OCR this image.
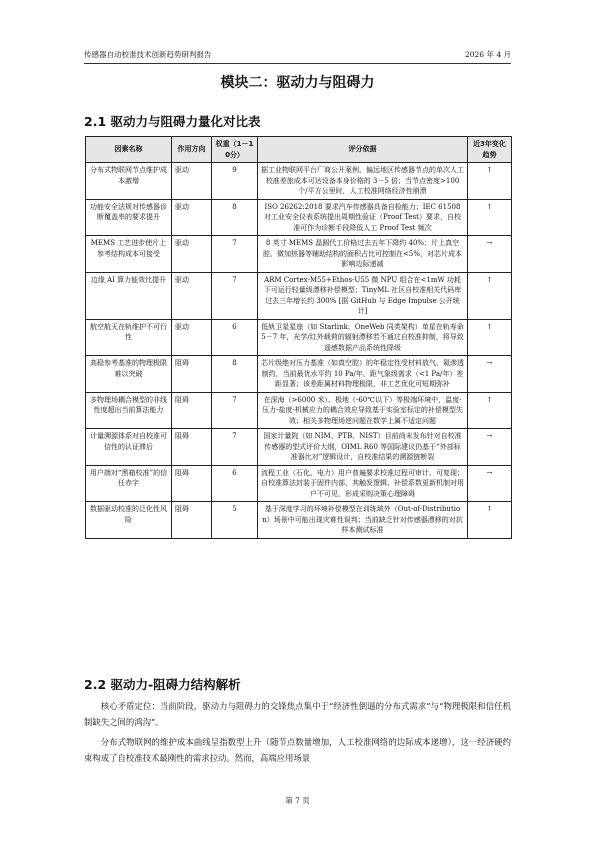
传感器自动校准技术创新趋势研判报告	2026 年 4 月
模块二：驱动力与阻碍力
2.1 驱动力与阻碍力量化对比表
因素名称	作用方向	权重（1－10分）	评分依据	近3年变化趋势
分布式物联网节点维护成本激增	驱动	9	据工业物联网平台厂商公开案例，偏远地区传感器节点的单次人工校准差旅成本可达设备本身价格的 3－5 倍；当节点密度>100 个/平方公里时，人工校准网络经济性崩溃	↑
功能安全法规对传感器诊断覆盖率的要求提升	驱动	8	ISO 26262:2018 要求汽车传感器具备自检能力；IEC 61508 对工业安全仪表系统提出周期性验证（Proof Test）要求，自校准可作为诊断手段降低人工 Proof Test 频次	↑
MEMS 工艺进步使片上参考结构成本可接受	驱动	7	8 英寸 MEMS 晶圆代工价格过去五年下降约 40%；片上真空腔、微加热器等辅助结构的面积占比可控制在<5%，对芯片成本影响边际递减	→
边缘 AI 算力能效比提升	驱动	7	ARM Cortex-M55+Ethos-U55 微 NPU 组合在<1mW 功耗下可运行轻量级漂移补偿模型；TinyML 社区自校准相关代码库过去三年增长约 300% [据 GitHub 与 Edge Impulse 公开统计]	↑
航空航天在轨维护不可行性	驱动	6	低轨卫星星座（如 Starlink、OneWeb 同类架构）单星在轨寿命 5－7 年，光学/红外载荷的辐射漂移若不通过自校准抑制，将导致遥感数据产品系统性降级	↑
高稳参考基准的物理极限难以突破	阻碍	8	芯片级绝对压力基准（如真空腔）的年稳定性受材料放气、氦渗透制约，当前最优水平约 10 Pa/年，距气象级需求（<1 Pa/年）差距显著；该差距属材料物理极限，非工艺优化可短期弥补	→
多物理场耦合模型的非线性度超出当前算法能力	阻碍	7	在深海（>6000 米）、极地（-60℃以下）等极端环境中，温度-压力-盐度-机械应力的耦合效应导致基于实验室标定的补偿模型失效；相关多物理场逆问题在数学上属不适定问题	↑
计量溯源体系对自校准可信性的认证滞后	阻碍	7	国家计量院（如 NIM、PTB、NIST）目前尚未发布针对自校准传感器的型式评价大纲，OIML R60 等国际建议仍基于“外部标准器比对”逻辑设计，自校准结果的溯源链断裂	→
用户端对“黑箱校准”的信任赤字	阻碍	6	流程工业（石化、电力）用户普遍要求校准过程可审计、可复现；自校准算法封装于固件内部，其触发逻辑、补偿系数更新机制对用户不可见，形成采购决策心理障碍	→
数据驱动校准的泛化性风险	阻碍	5	基于深度学习的环境补偿模型在训练域外（Out-of-Distribution）场景中可能出现灾难性误判；当前缺乏针对传感器漂移的对抗样本测试标准	↑
2.2 驱动力-阻碍力结构解析
核心矛盾定位：当前阶段，驱动力与阻碍力的交锋焦点集中于“经济性倒逼的分布式需求”与“物理极限和信任机制缺失之间的鸿沟”。
分布式物联网的维护成本曲线呈指数型上升（随节点数量增加，人工校准网络的边际成本递增），这一经济硬约束构成了自校准技术最刚性的需求拉动。然而，高端应用场景
第 7 页
